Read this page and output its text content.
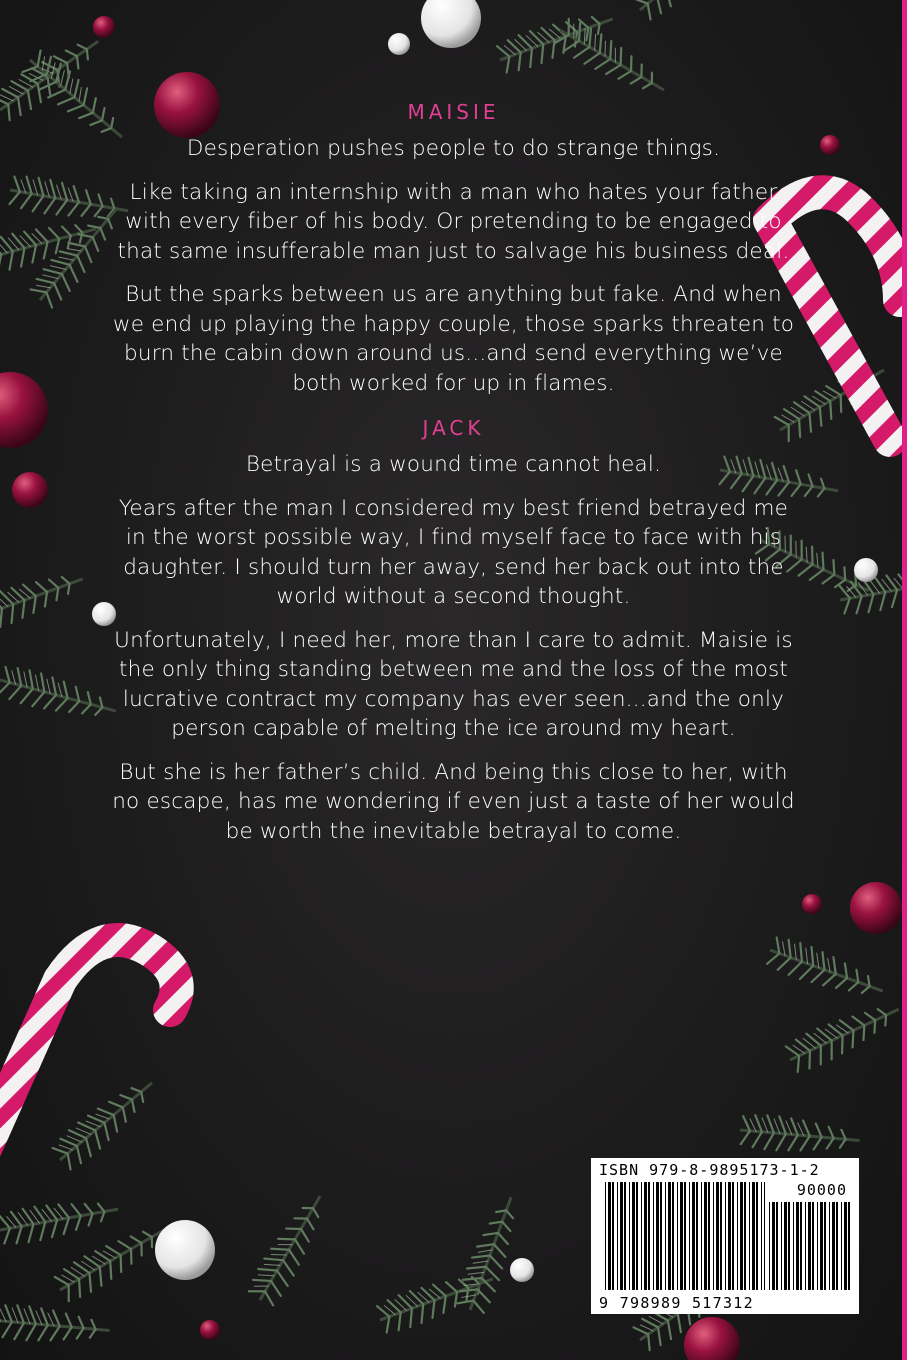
MAISIE

Desperation pushes people to do strange things.

Like taking an internship with a man who hates your father with every fiber of his body. Or pretending to be engaged to that same insufferable man just to salvage his business deal.

But the sparks between us are anything but fake. And when we end up playing the happy couple, those sparks threaten to burn the cabin down around us...and send everything we’ve both worked for up in flames.

JACK

Betrayal is a wound time cannot heal.

Years after the man I considered my best friend betrayed me in the worst possible way, I find myself face to face with his daughter. I should turn her away, send her back out into the world without a second thought.

Unfortunately, I need her, more than I care to admit. Maisie is the only thing standing between me and the loss of the most lucrative contract my company has ever seen...and the only person capable of melting the ice around my heart.

But she is her father’s child. And being this close to her, with no escape, has me wondering if even just a taste of her would be worth the inevitable betrayal to come.

ISBN 979-8-9895173-1-2
90000
9 798989 517312
